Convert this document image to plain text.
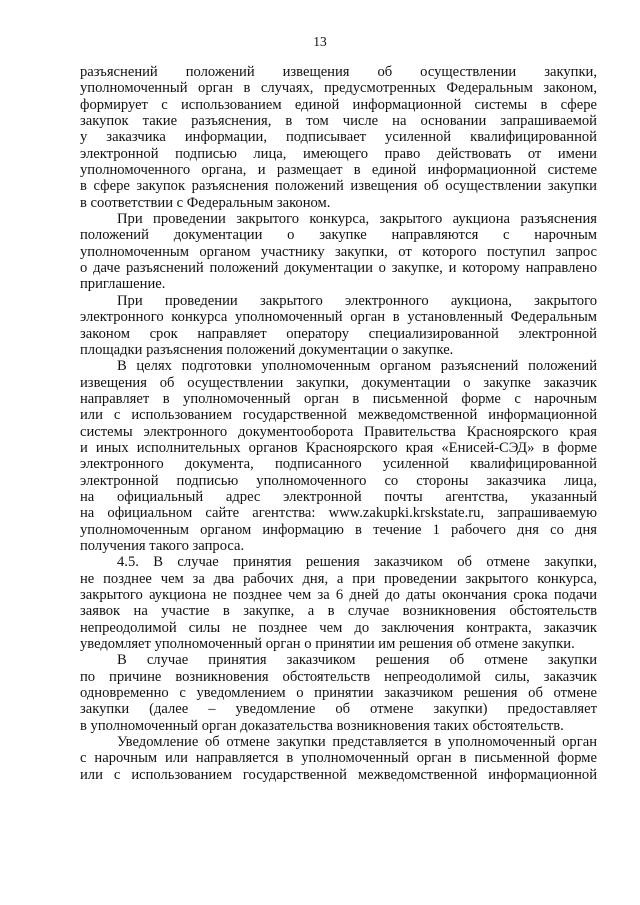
13
разъяснений положений извещения об осуществлении закупки,
уполномоченный орган в случаях, предусмотренных Федеральным законом,
формирует с использованием единой информационной системы в сфере
закупок такие разъяснения, в том числе на основании запрашиваемой
у заказчика информации, подписывает усиленной квалифицированной
электронной подписью лица, имеющего право действовать от имени
уполномоченного органа, и размещает в единой информационной системе
в сфере закупок разъяснения положений извещения об осуществлении закупки
в соответствии с Федеральным законом.
При проведении закрытого конкурса, закрытого аукциона разъяснения
положений документации о закупке направляются с нарочным
уполномоченным органом участнику закупки, от которого поступил запрос
о даче разъяснений положений документации о закупке, и которому направлено
приглашение.
При проведении закрытого электронного аукциона, закрытого
электронного конкурса уполномоченный орган в установленный Федеральным
законом срок направляет оператору специализированной электронной
площадки разъяснения положений документации о закупке.
В целях подготовки уполномоченным органом разъяснений положений
извещения об осуществлении закупки, документации о закупке заказчик
направляет в уполномоченный орган в письменной форме с нарочным
или с использованием государственной межведомственной информационной
системы электронного документооборота Правительства Красноярского края
и иных исполнительных органов Красноярского края «Енисей-СЭД» в форме
электронного документа, подписанного усиленной квалифицированной
электронной подписью уполномоченного со стороны заказчика лица,
на официальный адрес электронной почты агентства, указанный
на официальном сайте агентства: www.zakupki.krskstate.ru, запрашиваемую
уполномоченным органом информацию в течение 1 рабочего дня со дня
получения такого запроса.
4.5. В случае принятия решения заказчиком об отмене закупки,
не позднее чем за два рабочих дня, а при проведении закрытого конкурса,
закрытого аукциона не позднее чем за 6 дней до даты окончания срока подачи
заявок на участие в закупке, а в случае возникновения обстоятельств
непреодолимой силы не позднее чем до заключения контракта, заказчик
уведомляет уполномоченный орган о принятии им решения об отмене закупки.
В случае принятия заказчиком решения об отмене закупки
по причине возникновения обстоятельств непреодолимой силы, заказчик
одновременно с уведомлением о принятии заказчиком решения об отмене
закупки (далее – уведомление об отмене закупки) предоставляет
в уполномоченный орган доказательства возникновения таких обстоятельств.
Уведомление об отмене закупки представляется в уполномоченный орган
с нарочным или направляется в уполномоченный орган в письменной форме
или с использованием государственной межведомственной информационной
